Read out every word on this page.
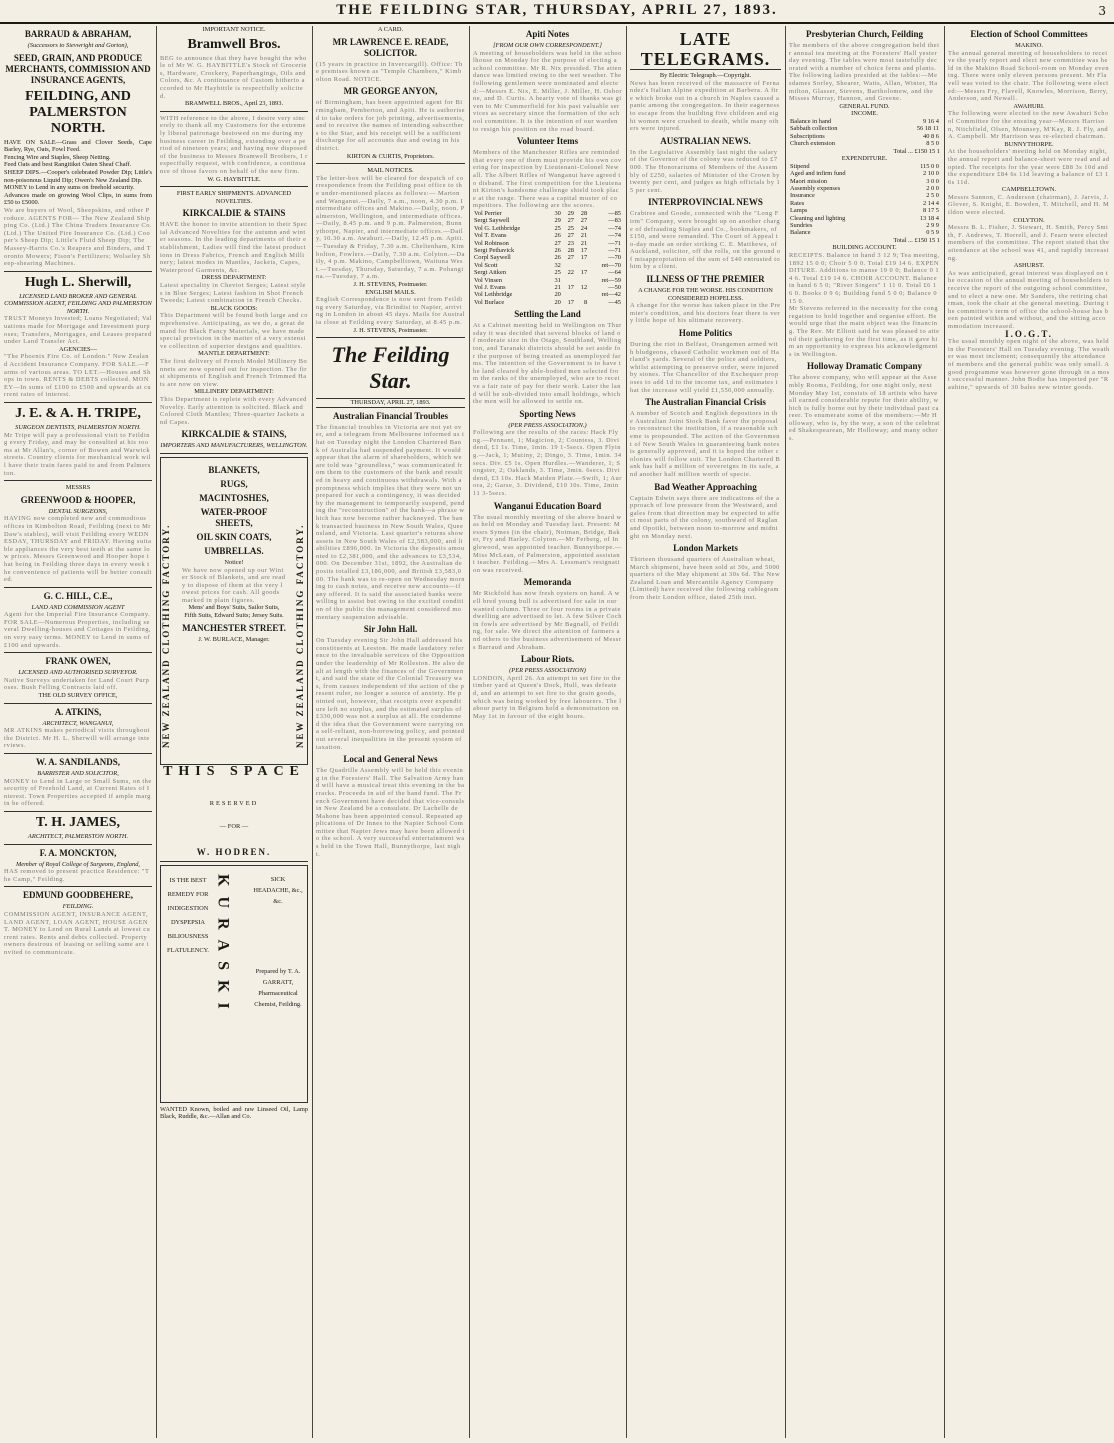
THE FEILDING STAR, THURSDAY, APRIL 27, 1893.	3
BARRAUD & ABRAHAM,
(Successors to Sievwright and Gorton),
SEED, GRAIN, AND PRODUCE MERCHANTS, COMMISSION AND INSURANCE AGENTS,
FEILDING, AND PALMERSTON NORTH.
HAVE ON SALE—Grass and Clover Seeds, Cape Barley, Rye, Oats, Fowl Feed.
Fencing Wire and Staples, Sheep Netting.
Feed Oats and best Rangitikei Oaten Sheaf Chaff.
SHEEP DIPS.—Cooper's celebrated Powder Dip; Little's non-poisonous Liquid Dip; Owen's New Zealand Dip.
MONEY to Lend in any sums on freehold security.
Advances made on growing Wool Clips, in sums from £50 to £5000.
We are buyers of Wool, Sheepskins, and other Produce. AGENTS FOR— The New Zealand Shipping Co. (Ltd.) The China Traders Insurance Co. (Ltd.) The United Fire Insurance Co. (Ltd.) Cooper's Sheep Dip; Little's Fluid Sheep Dip; The Massey-Harris Co.'s Reapers and Binders, and Toronto Mowers; Fison's Fertilizers; Wolseley Sheep-shearing Machines.
Hugh L. Sherwill,
LICENSED LAND BROKER AND GENERAL COMMISSION AGENT, FEILDING AND PALMERSTON NORTH.
TRUST Moneys Invested; Loans Negotiated; Valuations made for Mortgage and Investment purposes; Transfers, Mortgages, and Leases prepared under Land Transfer Act.
AGENCIES—
"The Phoenix Fire Co. of London." New Zealand Accident Insurance Company. FOR SALE.—Farms of various areas. TO LET.—Houses and Shops in town. RENTS & DEBTS collected. MONEY—In sums of £100 to £500 and upwards at current rates of interest.
J. E. & A. H. TRIPE,
SURGEON DENTISTS, PALMERSTON NORTH.
Mr Tripe will pay a professional visit to Feilding every Friday, and may be consulted at his rooms at Mr Allan's, corner of Bowen and Warwick streets. Country clients for mechanical work will have their train fares paid to and from Palmerston.
MESSRS
GREENWOOD & HOOPER,
DENTAL SURGEONS,
HAVING now completed new and commodious offices in Kimbolton Road, Feilding (next to Mr Daw's stables), will visit Feilding every WEDNESDAY, THURSDAY and FRIDAY. Having suitable appliances the very best teeth at the same low prices. Messrs Greenwood and Hooper hope that being in Feilding three days in every week the convenience of patients will be better consulted.
G. C. HILL, C.E.,
LAND AND COMMISSION AGENT
Agent for the Imperial Fire Insurance Company. FOR SALE—Numerous Properties, including several Dwelling-houses and Cottages in Feilding, on very easy terms. MONEY to Lend in sums of £100 and upwards.
FRANK OWEN,
LICENSED AND AUTHORISED SURVEYOR.
Native Surveys undertaken for Land Court Purposes. Bush Felling Contracts laid off.
THE OLD SURVEY OFFICE,
A. ATKINS,
ARCHITECT, WANGANUI,
MR ATKINS makes periodical visits throughout the District. Mr H. L. Sherwill will arrange interviews.
W. A. SANDILANDS,
BARRISTER AND SOLICITOR,
MONEY to Lend in Large or Small Sums, on the security of Freehold Land, at Current Rates of Interest. Town Properties accepted if ample margin be offered.
T. H. JAMES,
ARCHITECT, PALMERSTON NORTH.
F. A. MONCKTON,
Member of Royal College of Surgeons, England,
HAS removed to present practice Residence: "The Camp," Feilding.
EDMUND GOODBEHERE,
FEILDING.
COMMISSION AGENT, INSURANCE AGENT, LAND AGENT, LOAN AGENT, HOUSE AGENT. MONEY to Lend on Rural Lands at lowest current rates. Rents and debts collected. Property owners desirous of leasing or selling same are invited to communicate.
IMPORTANT NOTICE.
Bramwell Bros.
BEG to announce that they have bought the whole of Mr W. G. HAYBITTLE's Stock of Groceries, Hardware, Crockery, Paperhangings, Oils and Colors, &c. A continuance of Custom hitherto accorded to Mr Haybittle is respectfully solicited.
BRAMWELL BROS., April 23, 1893.
WITH reference to the above, I desire very sincerely to thank all my Customers for the extremely liberal patronage bestowed on me during my business career in Feilding, extending over a period of nineteen years; and having now disposed of the business to Messrs Bramwell Brothers, I respectfully request, with confidence, a continuance of those favors on behalf of the new firm.
W. G. HAYBITTLE.
FIRST EARLY SHIPMENTS. ADVANCED NOVELTIES.
KIRKCALDIE & STAINS
HAVE the honor to invite attention to their Special Advanced Novelties for the autumn and winter seasons. In the leading departments of their establishment, Ladies will find the latest productions in Dress Fabrics, French and English Millinery; latest modes in Mantles, Jackets, Capes, Waterproof Garments, &c.
DRESS DEPARTMENT:
Latest speciality in Cheviot Serges; Latest styles in Blue Serges; Latest fashion in Shot French Tweeds; Latest combination in French Checks.
BLACK GOODS:
This Department will be found both large and comprehensive. Anticipating, as we do, a great demand for Black Fancy Materials, we have made special provision in the matter of a very extensive collection of superior designs and qualities.
MANTLE DEPARTMENT:
The first delivery of French Model Millinery Bonnets are now opened out for inspection. The first shipments of English and French Trimmed Hats are now on view.
MILLINERY DEPARTMENT:
This Department is replete with every Advanced Novelty. Early attention is solicited. Black and Colored Cloth Mantles; Three-quarter Jackets and Capes.
KIRKCALDIE & STAINS,
IMPORTERS AND MANUFACTURERS, WELLINGTON.
NEW ZEALAND CLOTHING FACTORY.	NEW ZEALAND CLOTHING FACTORY.
BLANKETS,
RUGS,
MACINTOSHES,
WATER-PROOF SHEETS,
OIL SKIN COATS,
UMBRELLAS.
Notice!
We have now opened up our Winter Stock of Blankets, and are ready to dispose of them at the very lowest prices for cash. All goods marked in plain figures.
Mens' and Boys' Suits, Sailor Suits, Fifth Suits, Edward Suits; Jersey Suits.
MANCHESTER STREET.
J. W. BURLACE, Manager.
THIS SPACE
RESERVED
— FOR —
W. HODREN.
IS THE BEST REMEDY FOR INDIGESTION DYSPEPSIA BILIOUSNESS FLATULENCY. KURASKI	SICK HEADACHE, &c., &c.
Prepared by T. A. GARRATT, Pharmaceutical Chemist, Feilding.
WANTED Known, boiled and raw Linseed Oil, Lamp Black, Ruddle, &c.—Allan and Co.
A CARD.
MR LAWRENCE E. READE, SOLICITOR.
(15 years in practice in Invercargill). Office: The premises known as "Temple Chambers," Kimbolton Road. NOTICE.
MR GEORGE ANYON,
of Birmingham, has been appointed agent for Birmingham, Pemberton, and Apiti. He is authorised to take orders for job printing, advertisements, and to receive the names of intending subscribers to the Star, and his receipt will be a sufficient discharge for all accounts due and owing in his district.
KIRTON & CURTIS, Proprietors.
MAIL NOTICES.
The letter-box will be cleared for despatch of correspondence from the Feilding post office to the under-mentioned places as follows:— Marton and Wanganui.—Daily, 7 a.m., noon, 4.30 p.m. Intermediate offices and Makino.—Daily, noon. Palmerston, Wellington, and intermediate offices.—Daily, 8.45 p.m. and 9 p.m. Palmerston, Bunnythorpe, Napier, and intermediate offices.—Daily, 10.30 a.m. Awahuri.—Daily, 12.45 p.m. Apiti.—Tuesday & Friday, 7.30 a.m. Cheltenham, Kimbolton, Fowlers.—Daily, 7.30 a.m. Colyton.—Daily, 4 p.m. Makino, Campbelltown, Waituna West.—Tuesday, Thursday, Saturday, 7 a.m. Pohangina.—Tuesday, 7 a.m.
J. H. STEVENS, Postmaster.
ENGLISH MAILS.
English Correspondence is now sent from Feilding every Saturday, via Brindisi to Napier, arriving in London in about 45 days. Mails for Australia close at Feilding every Saturday, at 8.45 p.m.
J. H. STEVENS, Postmaster.
The Feilding Star.
THURSDAY, APRIL 27, 1893.
Australian Financial Troubles
The financial troubles in Victoria are not yet over, and a telegram from Melbourne informed us that on Tuesday night the London Chartered Bank of Australia had suspended payment. It would appear that the alarm of shareholders, which we are told was "groundless," was communicated from them to the customers of the bank and resulted in heavy and continuous withdrawals. With a promptness which implies that they were not unprepared for such a contingency, it was decided by the management to temporarily suspend, pending the "reconstruction" of the bank—a phrase which has now become rather hackneyed. The bank transacted business in New South Wales, Queensland, and Victoria. Last quarter's returns show assets in New South Wales of £2,583,000, and liabilities £896,000. In Victoria the deposits amounted to £2,381,000, and the advances to £3,534,000. On December 31st, 1892, the Australian deposits totalled £3,186,000, and British £3,583,000. The bank was to re-open on Wednesday morning to cash notes, and receive new accounts—if any offered. It is said the associated banks were willing to assist but owing to the excited condition of the public the management considered momentary suspension advisable.
Sir John Hall.
On Tuesday evening Sir John Hall addressed his constituents at Leeston. He made laudatory reference to the invaluable services of the Opposition under the leadership of Mr Rolleston. He also dealt at length with the finances of the Government, and said the state of the Colonial Treasury was, from causes independent of the action of the present ruler, no longer a source of anxiety. He pointed out, however, that receipts over expenditure left no surplus, and the estimated surplus of £330,000 was not a surplus at all. He condemned the idea that the Government were carrying on a self-reliant, non-borrowing policy, and pointed out several inequalities in the present system of taxation.
Local and General News
The Quadrille Assembly will be held this evening in the Foresters' Hall. The Salvation Army band will have a musical treat this evening in the barracks. Proceeds in aid of the band fund. The French Government have decided that vice-consuls in New Zealand be a consulate. Dr Lachelle de Mahone has been appointed consul. Repeated applications of Dr Innes to the Napier School Committee that Napier Jews may have been allowed to the school. A very successful entertainment was held in the Town Hall, Bunnythorpe, last night.
Apiti Notes
[FROM OUR OWN CORRESPONDENT.]
A meeting of householders was held in the schoolhouse on Monday for the purpose of electing a school committee. Mr R. Nix presided. The attendance was limited owing to the wet weather. The following gentlemen were nominated and elected:—Messrs E. Nix, E. Miller, J. Miller, H. Osborne, and D. Curtis. A hearty vote of thanks was given to Mr Cummerfield for his past valuable services as secretary since the formation of the school committee. It is the intention of our warden to resign his position on the road board.
Volunteer Items
Members of the Manchester Rifles are reminded that every one of them must provide his own covering for inspection by Lieutenant-Colonel Newall. The Albert Rifles of Wanganui have agreed to disband. The first competition for the Lieutenant Kirton's handsome challenge shield took place at the range. There was a capital muster of competitors. The following are the scores.
Vol Perrier	30	29	28	—85
Sergt Saywell	29	27	27	—83
Vol G. Lethbridge	25	25	24	—74
Vol T. Evans	26	27	21	—74
Vol Robinson	27	23	21	—71
Sergt Pethavick	26	28	17	—71
Corpl Saywell	26	27	17	—70
Vol Scott	32			ret—70
Sergt Aitken	25	22	17	—64
Vol Vinsen	31			ret—59
Vol J. Evans	21	17	12	—50
Vol Lethbridge	20			ret—42
Vol Burlace	20	17	8	—45
Settling the Land
At a Cabinet meeting held in Wellington on Thursday it was decided that several blocks of land of moderate size in the Otago, Southland, Wellington, and Taranaki districts should be set aside for the purpose of being treated as unemployed farms. The intention of the Government is to have the land cleared by able-bodied men selected from the ranks of the unemployed, who are to receive a fair rate of pay for their work. Later the land will be sub-divided into small holdings, which the men will be allowed to settle on.
Sporting News
(PER PRESS ASSOCIATION.)
Following are the results of the races: Hack Flyng.—Pennant, 1; Magicion, 2; Countess, 3. Dividend, £1 1s. Time, 1min. 19 1-5secs. Open Flying.—Jack, 1; Mutiny, 2; Dingo, 3. Time, 1min. 34secs. Div. £5 1s. Open Hurdles.—Wanderer, 1; Songster, 2; Oaklands, 3. Time, 3min. 6secs. Dividend, £3 10s. Hack Maiden Plate.—Swift, 1; Aurora, 2; Garse, 3. Dividend, £10 10s. Time, 2min 11 3-5secs.
Wanganui Education Board
The usual monthly meeting of the above board was held on Monday and Tuesday last. Present: Messrs Symes (in the chair), Notman, Bridge, Baker, Fry and Harley. Colyton.—Mr Ferberg, of Inglewood, was appointed teacher. Bunnythorpe.—Miss McLean, of Palmerston, appointed assistant teacher. Feilding.—Mrs A. Lessman's resignation was received.
Memoranda
Mr Rickfold has now fresh oysters on hand. A well bred young bull is advertised for sale in our wanted column. Three or four rooms in a private dwelling are advertised to let. A few Silver Cochin fowls are advertised by Mr Bagnall, of Feilding, for sale. We direct the attention of farmers and others to the business advertisement of Messrs Barraud and Abraham.
Labour Riots.
(PER PRESS ASSOCIATION)
LONDON, April 26. An attempt to set fire to the timber yard at Queen's Dock, Hull, was defeated, and an attempt to set fire to the grain goods, which was being worked by free labourers. The labour party in Belgium hold a demonstration on May 1st in favour of the eight hours.
LATE TELEGRAMS.
By Electric Telegraph.—Copyright.
News has been received of the massacre of Fernandez's Italian Alpine expedition at Barbera. A fire which broke out in a church in Naples caused a panic among the congregation. In their eagerness to escape from the building five children and eight women were crushed to death, while many others were injured.
AUSTRALIAN NEWS.
In the Legislative Assembly last night the salary of the Governor of the colony was reduced to £7000. The Honorariums of Members of the Assembly of £250, salaries of Minister of the Crown by twenty per cent, and judges as high officials by 15 per cent.
INTERPROVINCIAL NEWS
Crabtree and Goode, connected with the "Long Firm" Company, were brought up on another charge of defrauding Staples and Co., bookmakers, of £150, and were remanded. The Court of Appeal to-day made an order striking C. E. Matthews, of Auckland, solicitor, off the rolls, on the ground of misappropriation of the sum of £40 entrusted to him by a client.
ILLNESS OF THE PREMIER
A CHANGE FOR THE WORSE. HIS CONDITION CONSIDERED HOPELESS.
A change for the worse has taken place in the Premier's condition, and his doctors fear there is very little hope of his ultimate recovery.
Home Politics
During the riot in Belfast, Orangemen armed with bludgeons, chased Catholic workmen out of Harland's yards. Several of the police and soldiers, whilst attempting to preserve order, were injured by stones. The Chancellor of the Exchequer proposes to add 1d to the income tax, and estimates that the increase will yield £1,550,000 annually.
The Australian Financial Crisis
A number of Scotch and English depositors in the Australian Joint Stock Bank favor the proposal to reconstruct the institution, if a reasonable scheme is propounded. The action of the Government of New South Wales in guaranteeing bank notes is generally approved, and it is hoped the other colonies will follow suit. The London Chartered Bank has half a million of sovereigns in its safe, and another half million worth of specie.
Bad Weather Approaching
Captain Edwin says there are indications of the approach of low pressure from the Westward, and gales from that direction may be expected to affect most parts of the colony, southward of Raglan and Opotiki, between noon to-morrow and midnight on Monday next.
London Markets
Thirteen thousand quarters of Australian wheat, March shipment, have been sold at 30s, and 5000 quarters of the May shipment at 30s 6d. The New Zealand Loan and Mercantile Agency Company (Limited) have received the following cablegram from their London office, dated 25th inst.
Presbyterian Church, Feilding
The members of the above congregation held their annual tea meeting at the Foresters' Hall yesterday evening. The tables were most tastefully decorated with a number of choice ferns and plants. The following ladies presided at the tables:—Mesdames Sorley, Shearer, Watts, Allan, Winter, Hamilton, Glasser, Stevens, Bartholomew, and the Misses Murray, Hannon, and Greene.
GENERAL FUND.
INCOME.
Balance in hand	9 16 4
Sabbath collection	56 18 11
Subscriptions	40 8 6
Church extension	8 5 0
Total ... £150 15 1
EXPENDITURE.
Stipend	115 0 0
Aged and infirm fund	2 10 0
Maori mission	3 0 0
Assembly expenses	2 0 0
Insurance	2 5 0
Rates	2 14 4
Lamps	8 17 5
Cleaning and lighting	13 18 4
Sundries	2 9 9
Balance	0 5 9
Total ... £150 15 1
BUILDING ACCOUNT.
RECEIPTS. Balance in hand 3 12 9; Tea meeting, 1892 15 0 0; Choir 5 0 0. Total £19 14 6. EXPENDITURE. Additions to manse 19 0 0; Balance 0 14 6. Total £19 14 6. CHOIR ACCOUNT. Balance in hand 6 5 0; "River Singers" 1 11 0. Total £6 16 0. Books 0 9 6; Building fund 5 0 0; Balance 0 15 0.
Mr Stevens referred to the necessity for the congregation to hold together and organise effort. He would urge that the main object was the financing. The Rev. Mr Elliott said he was pleased to attend their gathering for the first time, as it gave him an opportunity to express his acknowledgments in Wellington.
Holloway Dramatic Company
The above company, who will appear at the Assembly Rooms, Feilding, for one night only, next Monday May 1st, consists of 18 artists who have all earned considerable repute for their ability, which is fully borne out by their individual past career. To enumerate some of the members:—Mr Holloway, who is, by the way, a son of the celebrated Shakespearean, Mr Holloway; and many others.
Election of School Committees
MAKINO.
The annual general meeting of householders to receive the yearly report and elect new committee was held in the Makino Road School-room on Monday evening. There were only eleven persons present. Mr Flavell was voted to the chair. The following were elected:—Messrs Fry, Flavell, Knowles, Morrison, Berry, Anderson, and Newall.
AWAHURI.
The following were elected to the new Awahuri School Committee for the ensuing year—Messrs Harrison, Nitchfield, Olsen, Mounsey, M'Kay, R. J. Fly, and A. Campbell. Mr Harrison was re-elected chairman.
BUNNYTHORPE.
At the householders' meeting held on Monday night, the annual report and balance-sheet were read and adopted. The receipts for the year were £88 3s 10d and the expenditure £84 6s 11d leaving a balance of £3 16s 11d.
CAMPBELLTOWN.
Messrs Sannon, C. Anderson (chairman), J. Jarvis, J. Glover, S. Knight, E. Bowden, T. Mitchell, and H. Mildon were elected.
COLYTON.
Messrs B. L. Fisher, J. Stewart, H. Smith, Percy Smith, F. Andrews, T. Horrell, and J. Fearn were elected members of the committee. The report stated that the attendance at the school was 41, and rapidly increasing.
ASHURST.
As was anticipated, great interest was displayed on the occasion of the annual meeting of householders to receive the report of the outgoing school committee, and to elect a new one. Mr Sanders, the retiring chairman, took the chair at the general meeting. During the committee's term of office the school-house has been painted within and without, and the sitting accommodation increased.
I.O.G.T.
The usual monthly open night of the above, was held in the Foresters' Hall on Tuesday evening. The weather was most inclement; consequently the attendance of members and the general public was only small. A good programme was however gone through in a most successful manner. John Bodie has imported per "Rauhine," upwards of 30 bales new winter goods.
